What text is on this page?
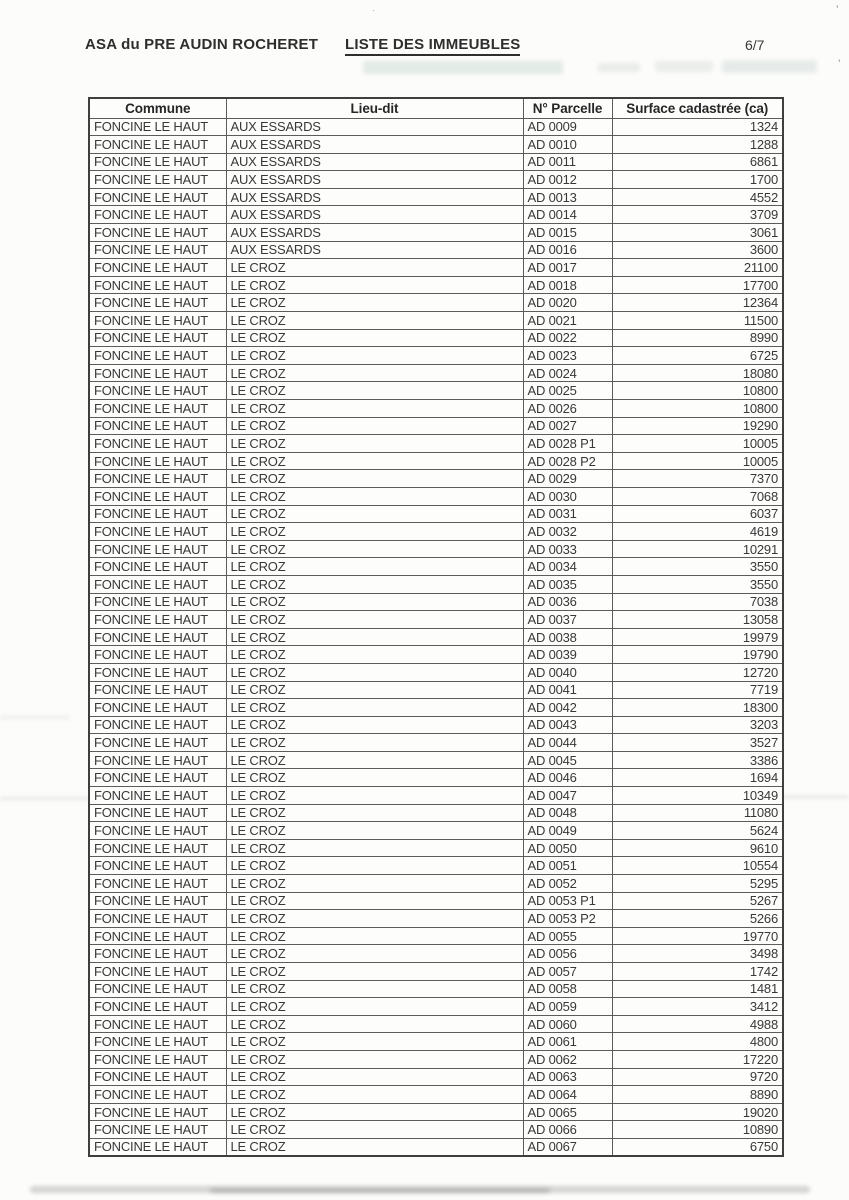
ASA du PRE AUDIN ROCHERET LISTE DES IMMEUBLES	6/7
’
’
·
Commune	Lieu-dit	N° Parcelle	Surface cadastrée (ca)
FONCINE LE HAUT	AUX ESSARDS	AD 0009	1324
FONCINE LE HAUT	AUX ESSARDS	AD 0010	1288
FONCINE LE HAUT	AUX ESSARDS	AD 0011	6861
FONCINE LE HAUT	AUX ESSARDS	AD 0012	1700
FONCINE LE HAUT	AUX ESSARDS	AD 0013	4552
FONCINE LE HAUT	AUX ESSARDS	AD 0014	3709
FONCINE LE HAUT	AUX ESSARDS	AD 0015	3061
FONCINE LE HAUT	AUX ESSARDS	AD 0016	3600
FONCINE LE HAUT	LE CROZ	AD 0017	21100
FONCINE LE HAUT	LE CROZ	AD 0018	17700
FONCINE LE HAUT	LE CROZ	AD 0020	12364
FONCINE LE HAUT	LE CROZ	AD 0021	11500
FONCINE LE HAUT	LE CROZ	AD 0022	8990
FONCINE LE HAUT	LE CROZ	AD 0023	6725
FONCINE LE HAUT	LE CROZ	AD 0024	18080
FONCINE LE HAUT	LE CROZ	AD 0025	10800
FONCINE LE HAUT	LE CROZ	AD 0026	10800
FONCINE LE HAUT	LE CROZ	AD 0027	19290
FONCINE LE HAUT	LE CROZ	AD 0028 P1	10005
FONCINE LE HAUT	LE CROZ	AD 0028 P2	10005
FONCINE LE HAUT	LE CROZ	AD 0029	7370
FONCINE LE HAUT	LE CROZ	AD 0030	7068
FONCINE LE HAUT	LE CROZ	AD 0031	6037
FONCINE LE HAUT	LE CROZ	AD 0032	4619
FONCINE LE HAUT	LE CROZ	AD 0033	10291
FONCINE LE HAUT	LE CROZ	AD 0034	3550
FONCINE LE HAUT	LE CROZ	AD 0035	3550
FONCINE LE HAUT	LE CROZ	AD 0036	7038
FONCINE LE HAUT	LE CROZ	AD 0037	13058
FONCINE LE HAUT	LE CROZ	AD 0038	19979
FONCINE LE HAUT	LE CROZ	AD 0039	19790
FONCINE LE HAUT	LE CROZ	AD 0040	12720
FONCINE LE HAUT	LE CROZ	AD 0041	7719
FONCINE LE HAUT	LE CROZ	AD 0042	18300
FONCINE LE HAUT	LE CROZ	AD 0043	3203
FONCINE LE HAUT	LE CROZ	AD 0044	3527
FONCINE LE HAUT	LE CROZ	AD 0045	3386
FONCINE LE HAUT	LE CROZ	AD 0046	1694
FONCINE LE HAUT	LE CROZ	AD 0047	10349
FONCINE LE HAUT	LE CROZ	AD 0048	11080
FONCINE LE HAUT	LE CROZ	AD 0049	5624
FONCINE LE HAUT	LE CROZ	AD 0050	9610
FONCINE LE HAUT	LE CROZ	AD 0051	10554
FONCINE LE HAUT	LE CROZ	AD 0052	5295
FONCINE LE HAUT	LE CROZ	AD 0053 P1	5267
FONCINE LE HAUT	LE CROZ	AD 0053 P2	5266
FONCINE LE HAUT	LE CROZ	AD 0055	19770
FONCINE LE HAUT	LE CROZ	AD 0056	3498
FONCINE LE HAUT	LE CROZ	AD 0057	1742
FONCINE LE HAUT	LE CROZ	AD 0058	1481
FONCINE LE HAUT	LE CROZ	AD 0059	3412
FONCINE LE HAUT	LE CROZ	AD 0060	4988
FONCINE LE HAUT	LE CROZ	AD 0061	4800
FONCINE LE HAUT	LE CROZ	AD 0062	17220
FONCINE LE HAUT	LE CROZ	AD 0063	9720
FONCINE LE HAUT	LE CROZ	AD 0064	8890
FONCINE LE HAUT	LE CROZ	AD 0065	19020
FONCINE LE HAUT	LE CROZ	AD 0066	10890
FONCINE LE HAUT	LE CROZ	AD 0067	6750
